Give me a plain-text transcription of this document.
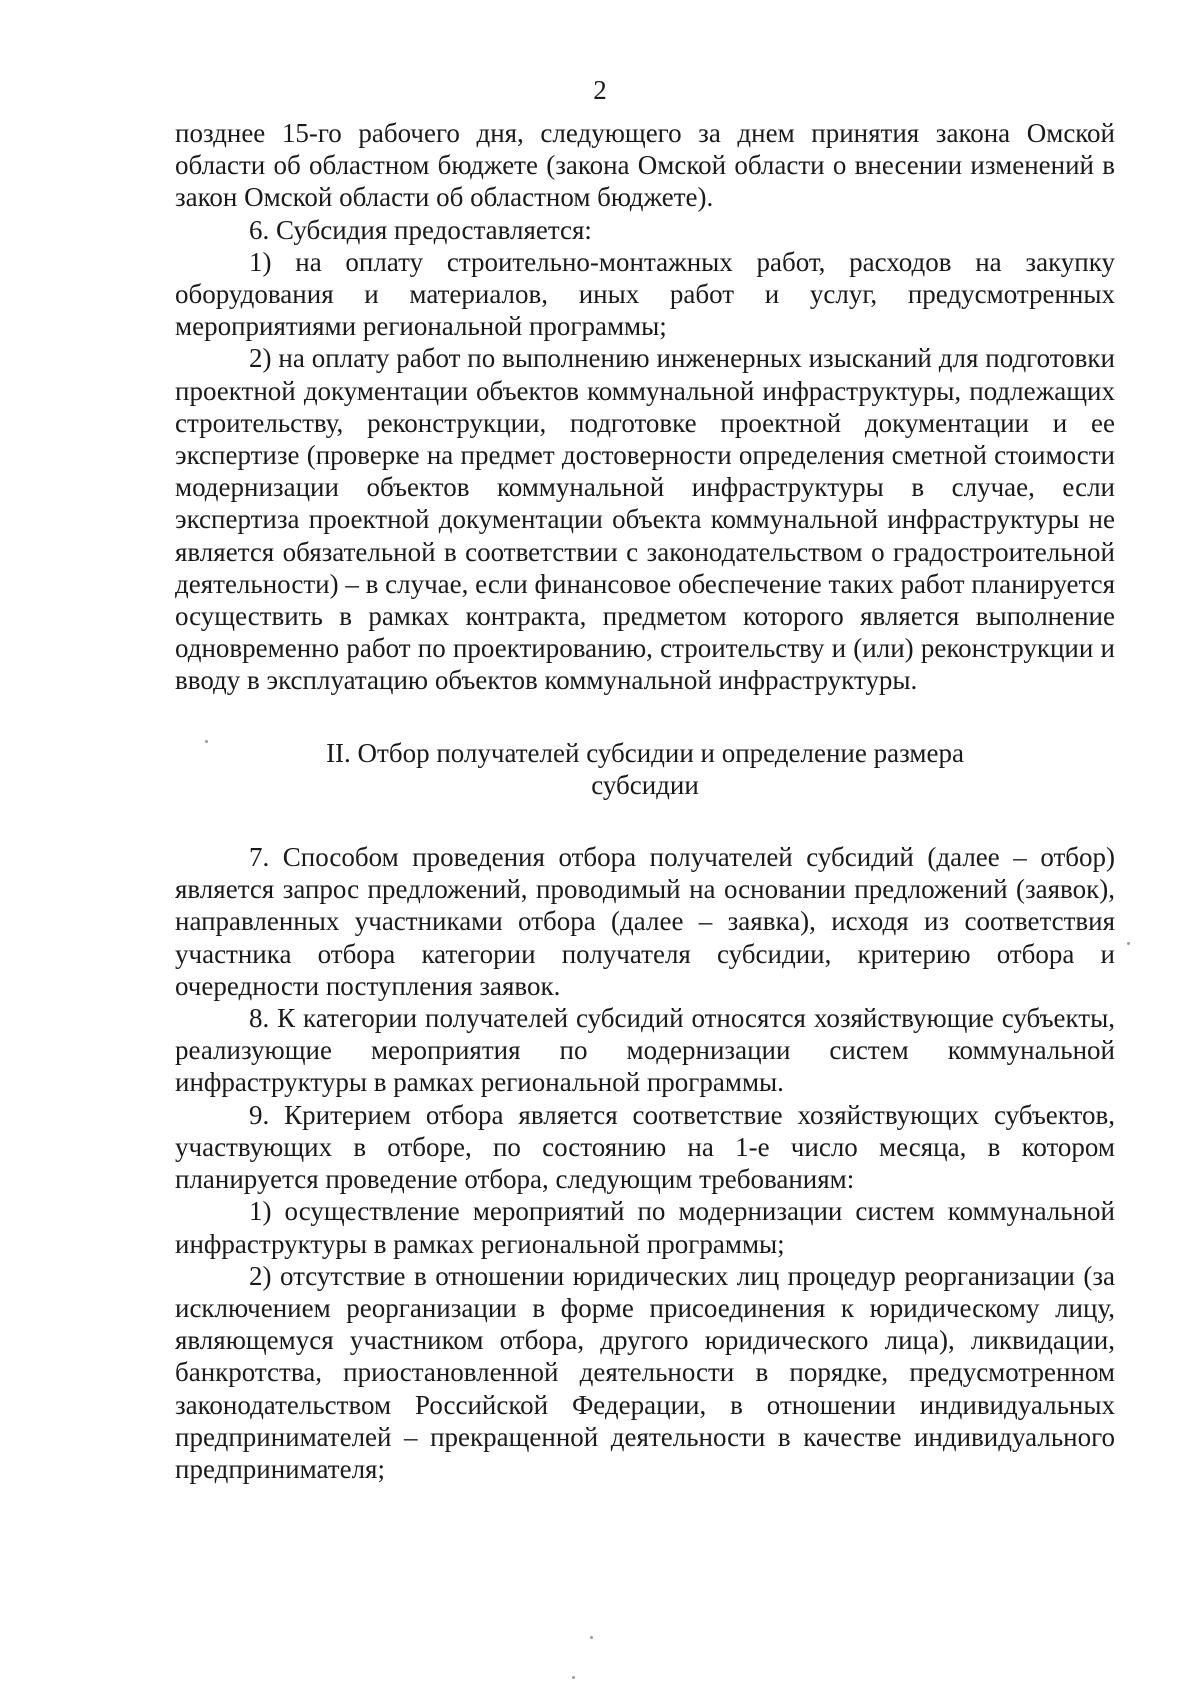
2

позднее 15-го рабочего дня, следующего за днем принятия закона Омской области об областном бюджете (закона Омской области о внесении изменений в закон Омской области об областном бюджете).

6. Субсидия предоставляется:

1) на оплату строительно-монтажных работ, расходов на закупку оборудования и материалов, иных работ и услуг, предусмотренных мероприятиями региональной программы;

2) на оплату работ по выполнению инженерных изысканий для подготовки проектной документации объектов коммунальной инфраструктуры, подлежащих строительству, реконструкции, подготовке проектной документации и ее экспертизе (проверке на предмет достоверности определения сметной стоимости модернизации объектов коммунальной инфраструктуры в случае, если экспертиза проектной документации объекта коммунальной инфраструктуры не является обязательной в соответствии с законодательством о градостроительной деятельности) – в случае, если финансовое обеспечение таких работ планируется осуществить в рамках контракта, предметом которого является выполнение одновременно работ по проектированию, строительству и (или) реконструкции и вводу в эксплуатацию объектов коммунальной инфраструктуры.

II. Отбор получателей субсидии и определение размера
субсидии

7. Способом проведения отбора получателей субсидий (далее – отбор) является запрос предложений, проводимый на основании предложений (заявок), направленных участниками отбора (далее – заявка), исходя из соответствия участника отбора категории получателя субсидии, критерию отбора и очередности поступления заявок.

8. К категории получателей субсидий относятся хозяйствующие субъекты, реализующие мероприятия по модернизации систем коммунальной инфраструктуры в рамках региональной программы.

9. Критерием отбора является соответствие хозяйствующих субъектов, участвующих в отборе, по состоянию на 1-е число месяца, в котором планируется проведение отбора, следующим требованиям:

1) осуществление мероприятий по модернизации систем коммунальной инфраструктуры в рамках региональной программы;

2) отсутствие в отношении юридических лиц процедур реорганизации (за исключением реорганизации в форме присоединения к юридическому лицу, являющемуся участником отбора, другого юридического лица), ликвидации, банкротства, приостановленной деятельности в порядке, предусмотренном законодательством Российской Федерации, в отношении индивидуальных предпринимателей – прекращенной деятельности в качестве индивидуального предпринимателя;
